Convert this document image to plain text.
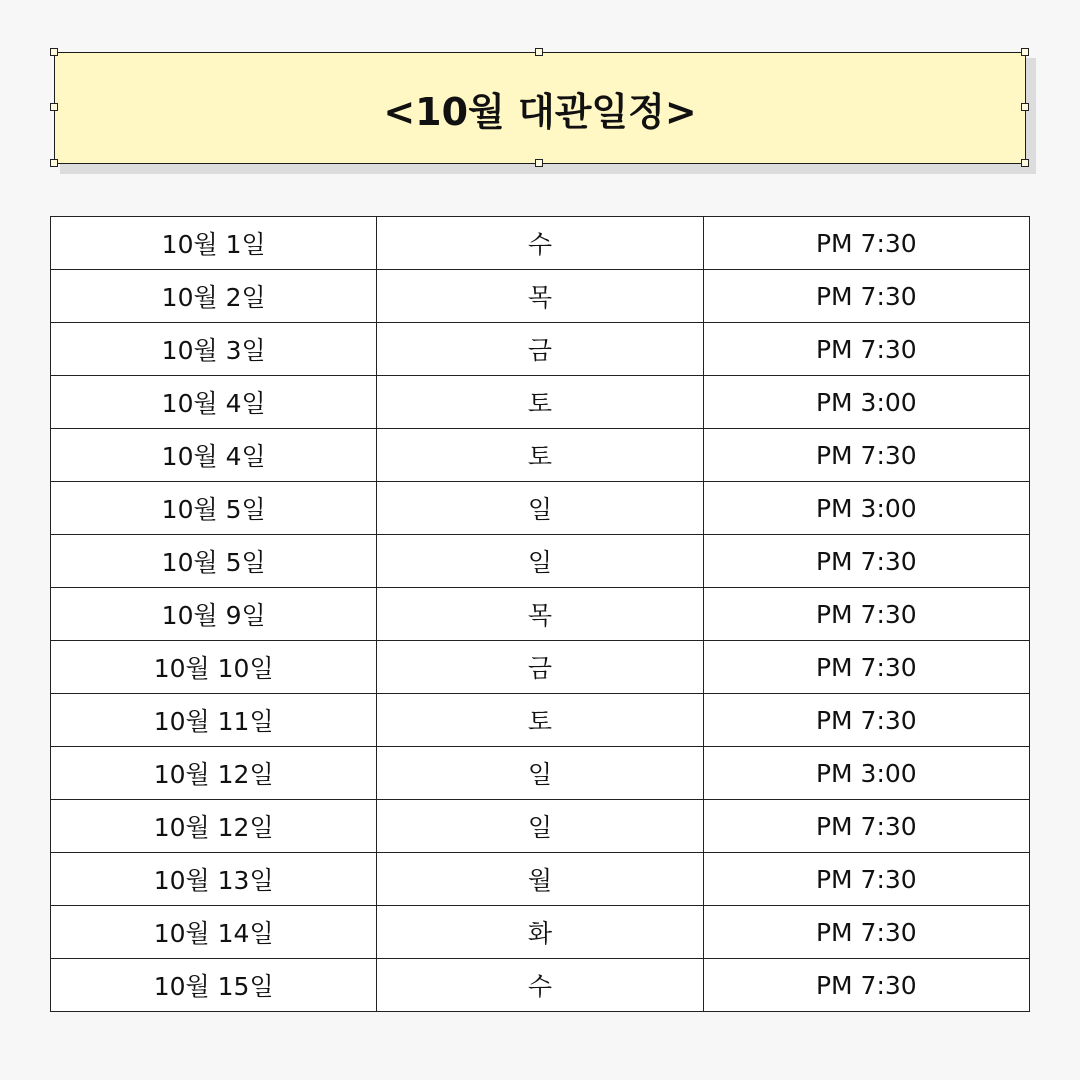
<10월 대관일정>
10월 1일	수	PM 7:30
10월 2일	목	PM 7:30
10월 3일	금	PM 7:30
10월 4일	토	PM 3:00
10월 4일	토	PM 7:30
10월 5일	일	PM 3:00
10월 5일	일	PM 7:30
10월 9일	목	PM 7:30
10월 10일	금	PM 7:30
10월 11일	토	PM 7:30
10월 12일	일	PM 3:00
10월 12일	일	PM 7:30
10월 13일	월	PM 7:30
10월 14일	화	PM 7:30
10월 15일	수	PM 7:30
